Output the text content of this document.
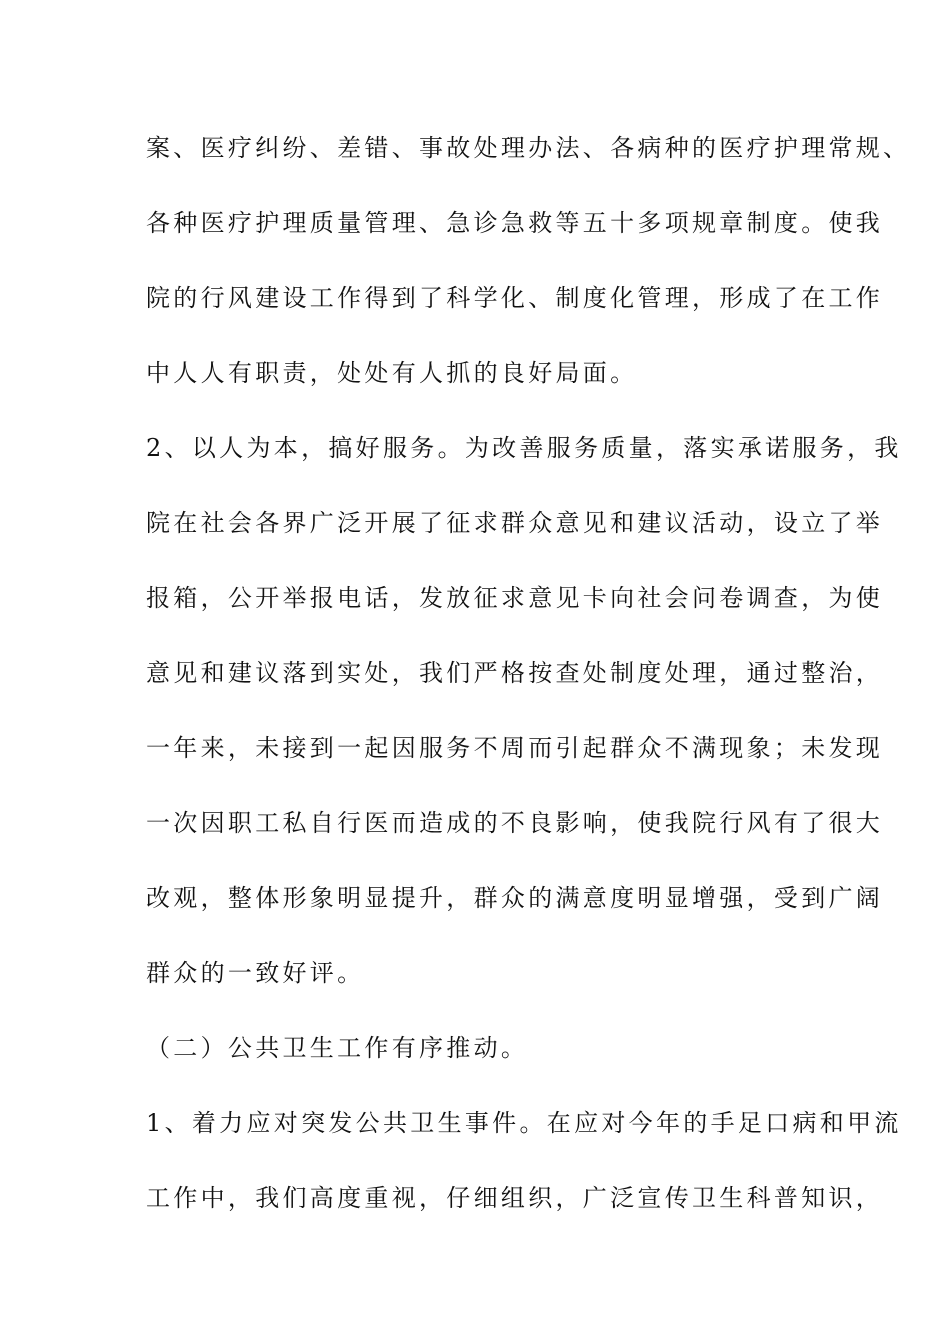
案、医疗纠纷、差错、事故处理办法、各病种的医疗护理常规、
各种医疗护理质量管理、急诊急救等五十多项规章制度。使我
院的行风建设工作得到了科学化、制度化管理，形成了在工作
中人人有职责，处处有人抓的良好局面。
2、以人为本，搞好服务。为改善服务质量，落实承诺服务，我
院在社会各界广泛开展了征求群众意见和建议活动，设立了举
报箱，公开举报电话，发放征求意见卡向社会问卷调查，为使
意见和建议落到实处，我们严格按查处制度处理，通过整治，
一年来，未接到一起因服务不周而引起群众不满现象；未发现
一次因职工私自行医而造成的不良影响，使我院行风有了很大
改观，整体形象明显提升，群众的满意度明显增强，受到广阔
群众的一致好评。
（二）公共卫生工作有序推动。
1、着力应对突发公共卫生事件。在应对今年的手足口病和甲流
工作中，我们高度重视，仔细组织，广泛宣传卫生科普知识，
